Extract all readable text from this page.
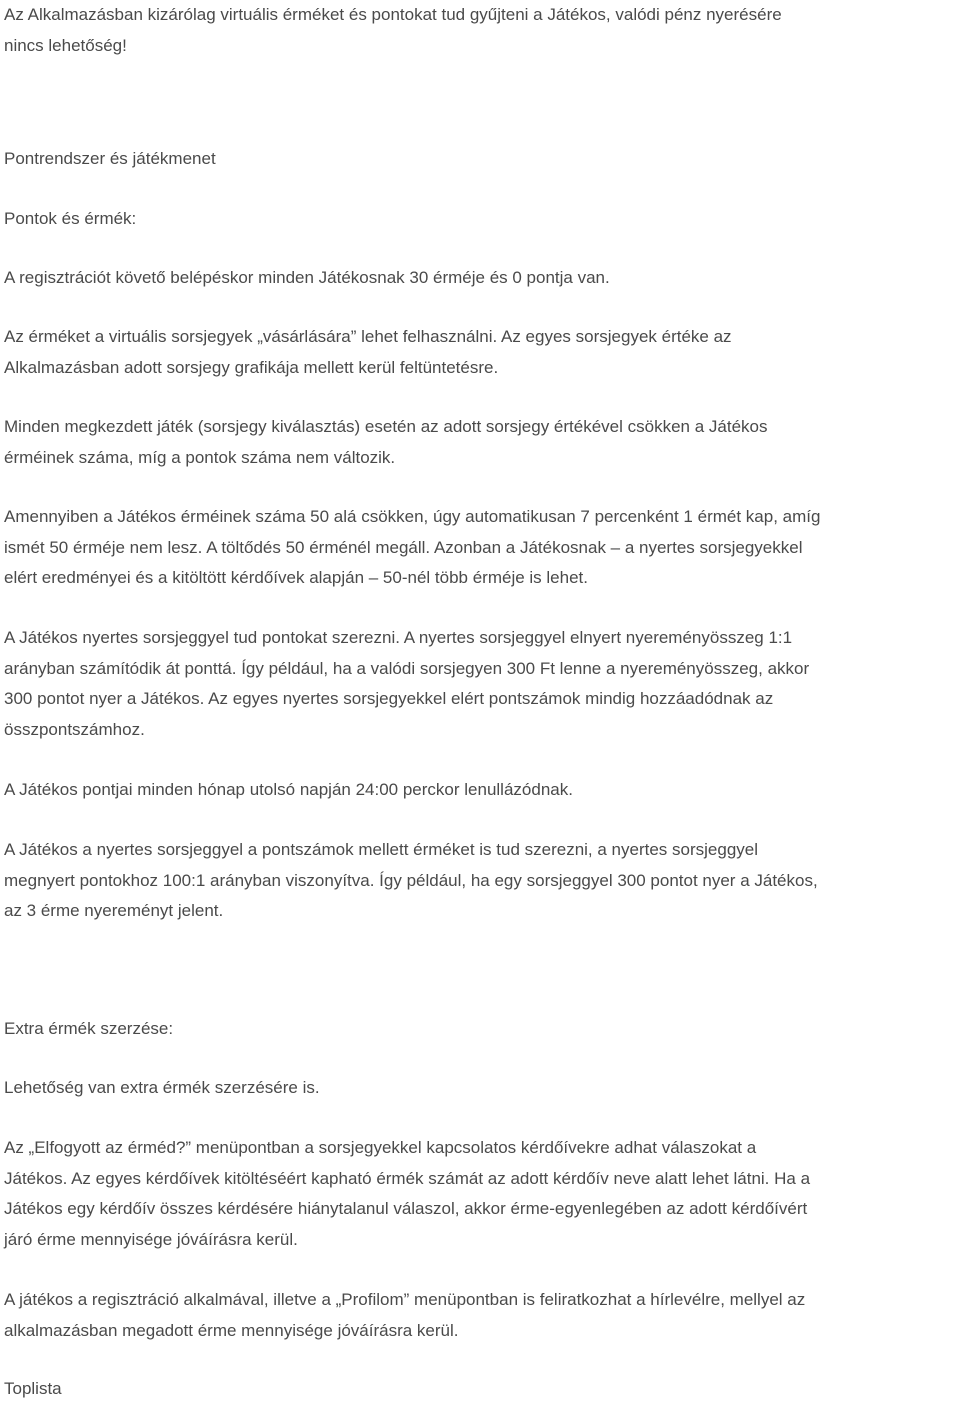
Az Alkalmazásban kizárólag virtuális érméket és pontokat tud gyűjteni a Játékos, valódi pénz nyerésére

nincs lehetőség!

Pontrendszer és játékmenet

Pontok és érmék:

A regisztrációt követő belépéskor minden Játékosnak 30 érméje és 0 pontja van.

Az érméket a virtuális sorsjegyek „vásárlására” lehet felhasználni. Az egyes sorsjegyek értéke az

Alkalmazásban adott sorsjegy grafikája mellett kerül feltüntetésre.

Minden megkezdett játék (sorsjegy kiválasztás) esetén az adott sorsjegy értékével csökken a Játékos

érméinek száma, míg a pontok száma nem változik.

Amennyiben a Játékos érméinek száma 50 alá csökken, úgy automatikusan 7 percenként 1 érmét kap, amíg

ismét 50 érméje nem lesz. A töltődés 50 érménél megáll. Azonban a Játékosnak – a nyertes sorsjegyekkel

elért eredményei és a kitöltött kérdőívek alapján – 50-nél több érméje is lehet.

A Játékos nyertes sorsjeggyel tud pontokat szerezni. A nyertes sorsjeggyel elnyert nyereményösszeg 1:1

arányban számítódik át ponttá. Így például, ha a valódi sorsjegyen 300 Ft lenne a nyereményösszeg, akkor

300 pontot nyer a Játékos. Az egyes nyertes sorsjegyekkel elért pontszámok mindig hozzáadódnak az

összpontszámhoz.

A Játékos pontjai minden hónap utolsó napján 24:00 perckor lenullázódnak.

A Játékos a nyertes sorsjeggyel a pontszámok mellett érméket is tud szerezni, a nyertes sorsjeggyel

megnyert pontokhoz 100:1 arányban viszonyítva. Így például, ha egy sorsjeggyel 300 pontot nyer a Játékos,

az 3 érme nyereményt jelent.

Extra érmék szerzése:

Lehetőség van extra érmék szerzésére is.

Az „Elfogyott az érméd?” menüpontban a sorsjegyekkel kapcsolatos kérdőívekre adhat válaszokat a

Játékos. Az egyes kérdőívek kitöltéséért kapható érmék számát az adott kérdőív neve alatt lehet látni. Ha a

Játékos egy kérdőív összes kérdésére hiánytalanul válaszol, akkor érme-egyenlegében az adott kérdőívért

járó érme mennyisége jóváírásra kerül.

A játékos a regisztráció alkalmával, illetve a „Profilom” menüpontban is feliratkozhat a hírlevélre, mellyel az

alkalmazásban megadott érme mennyisége jóváírásra kerül.

Toplista
